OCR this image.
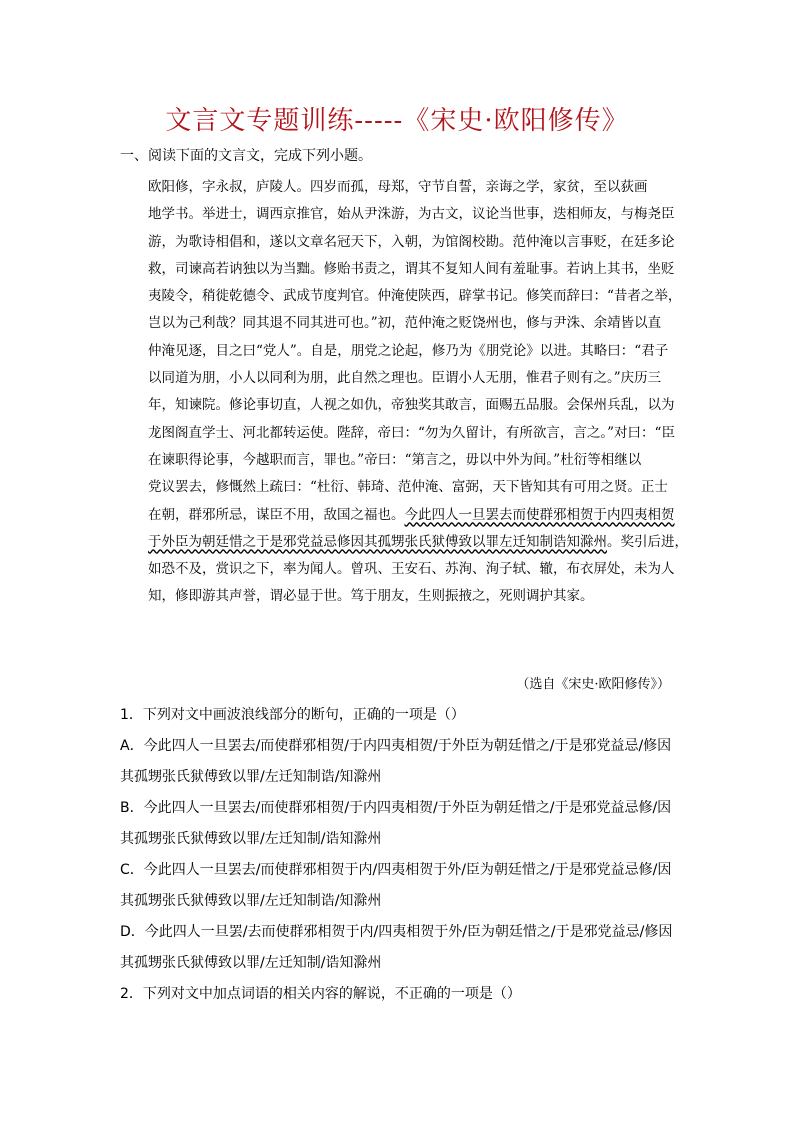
文言文专题训练-----《宋史·欧阳修传》
一、阅读下面的文言文，完成下列小题。
欧阳修，字永叔，庐陵人。四岁而孤，母郑，守节自誓，亲诲之学，家贫，至以荻画
地学书。举进士，调西京推官，始从尹洙游，为古文，议论当世事，迭相师友，与梅尧臣
游，为歌诗相倡和，遂以文章名冠天下，入朝，为馆阁校勘。范仲淹以言事贬，在廷多论
救，司谏高若讷独以为当黜。修贻书责之，谓其不复知人间有羞耻事。若讷上其书，坐贬
夷陵令，稍徙乾德令、武成节度判官。仲淹使陕西，辟掌书记。修笑而辞曰：“昔者之举，
岂以为己利哉？同其退不同其进可也。”初，范仲淹之贬饶州也，修与尹洙、余靖皆以直
仲淹见逐，目之曰“党人”。自是，朋党之论起，修乃为《朋党论》以进。其略曰：“君子
以同道为朋，小人以同利为朋，此自然之理也。臣谓小人无朋，惟君子则有之。”庆历三
年，知谏院。修论事切直，人视之如仇，帝独奖其敢言，面赐五品服。会保州兵乱，以为
龙图阁直学士、河北都转运使。陛辞，帝曰：“勿为久留计，有所欲言，言之。”对曰：“臣
在谏职得论事，今越职而言，罪也。”帝曰：“第言之，毋以中外为间。”杜衍等相继以
党议罢去，修慨然上疏曰：“杜衍、韩琦、范仲淹、富弼，天下皆知其有可用之贤。正士
在朝，群邪所忌，谋臣不用，敌国之福也。今此四人一旦罢去而使群邪相贺于内四夷相贺
于外臣为朝廷惜之于是邪党益忌修因其孤甥张氏狱傅致以罪左迁知制诰知滁州。奖引后进，
如恐不及，赏识之下，率为闻人。曾巩、王安石、苏洵、洵子轼、辙，布衣屏处，未为人
知，修即游其声誉，谓必显于世。笃于朋友，生则振掖之，死则调护其家。
（选自《宋史·欧阳修传》）
1．下列对文中画波浪线部分的断句，正确的一项是（）
A．今此四人一旦罢去/而使群邪相贺/于内四夷相贺/于外臣为朝廷惜之/于是邪党益忌/修因
其孤甥张氏狱傅致以罪/左迁知制诰/知滁州
B．今此四人一旦罢去/而使群邪相贺/于内四夷相贺/于外臣为朝廷惜之/于是邪党益忌修/因
其孤甥张氏狱傅致以罪/左迁知制/诰知滁州
C．今此四人一旦罢去/而使群邪相贺于内/四夷相贺于外/臣为朝廷惜之/于是邪党益忌修/因
其孤甥张氏狱傅致以罪/左迁知制诰/知滁州
D．今此四人一旦罢/去而使群邪相贺于内/四夷相贺于外/臣为朝廷惜之/于是邪党益忌/修因
其孤甥张氏狱傅致以罪/左迁知制/诰知滁州
2．下列对文中加点词语的相关内容的解说，不正确的一项是（）
